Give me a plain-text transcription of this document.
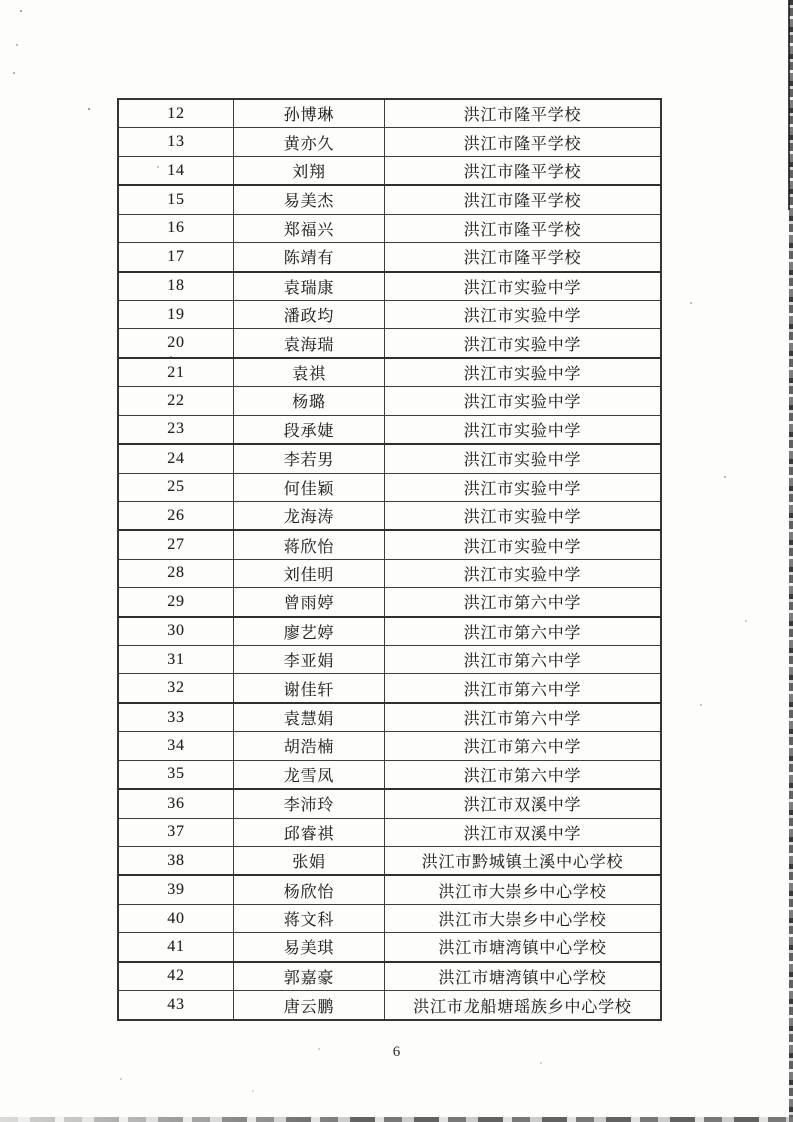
12	孙博琳	洪江市隆平学校
13	黄亦久	洪江市隆平学校
14	刘翔	洪江市隆平学校
15	易美杰	洪江市隆平学校
16	郑福兴	洪江市隆平学校
17	陈靖有	洪江市隆平学校
18	袁瑞康	洪江市实验中学
19	潘政均	洪江市实验中学
20	袁海瑞	洪江市实验中学
21	袁祺	洪江市实验中学
22	杨璐	洪江市实验中学
23	段承婕	洪江市实验中学
24	李若男	洪江市实验中学
25	何佳颖	洪江市实验中学
26	龙海涛	洪江市实验中学
27	蒋欣怡	洪江市实验中学
28	刘佳明	洪江市实验中学
29	曾雨婷	洪江市第六中学
30	廖艺婷	洪江市第六中学
31	李亚娟	洪江市第六中学
32	谢佳轩	洪江市第六中学
33	袁慧娟	洪江市第六中学
34	胡浩楠	洪江市第六中学
35	龙雪凤	洪江市第六中学
36	李沛玲	洪江市双溪中学
37	邱睿祺	洪江市双溪中学
38	张娟	洪江市黔城镇土溪中心学校
39	杨欣怡	洪江市大崇乡中心学校
40	蒋文科	洪江市大崇乡中心学校
41	易美琪	洪江市塘湾镇中心学校
42	郭嘉豪	洪江市塘湾镇中心学校
43	唐云鹏	洪江市龙船塘瑶族乡中心学校
6
